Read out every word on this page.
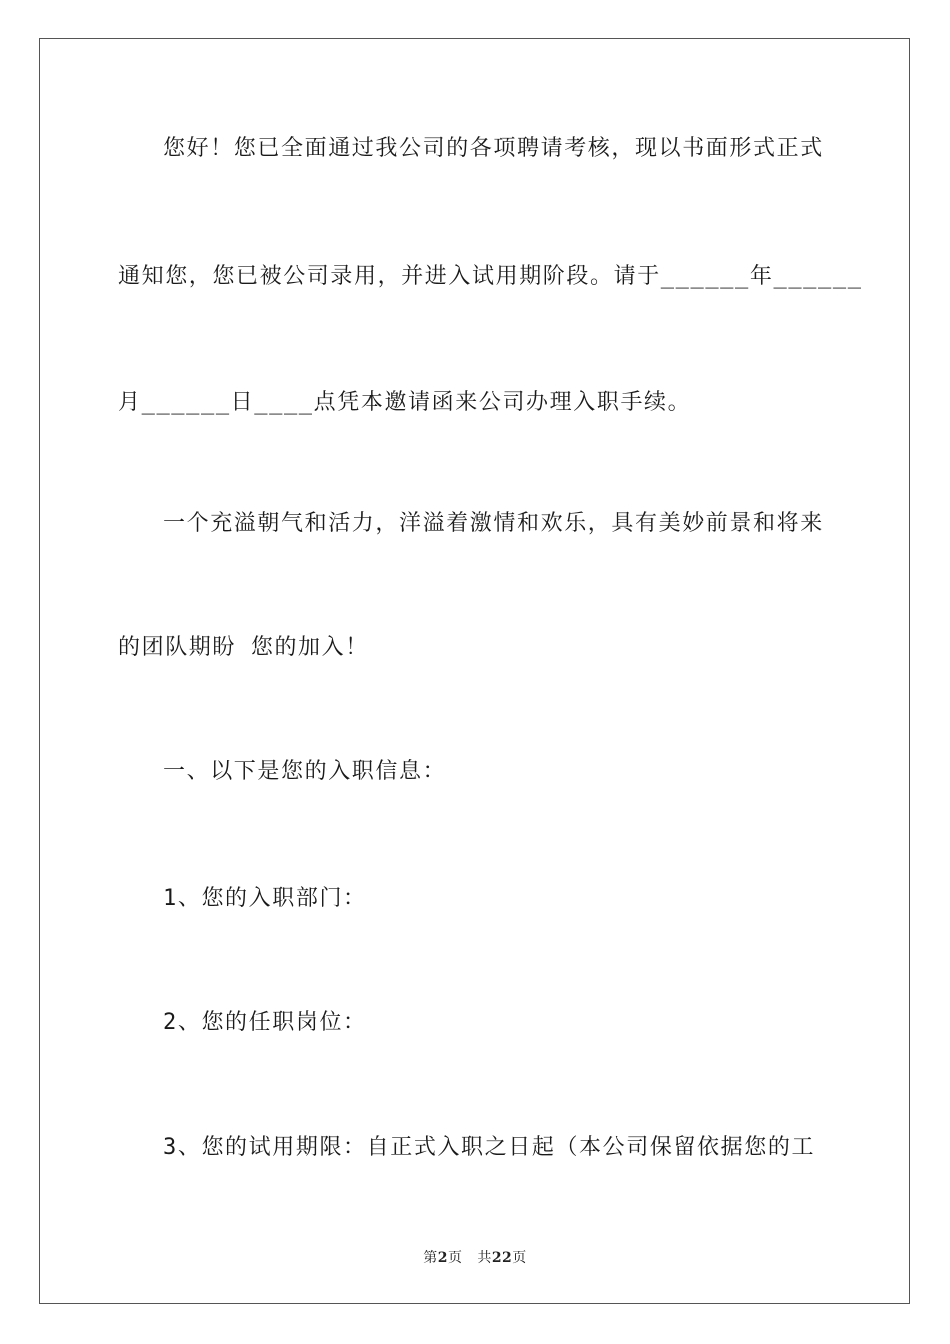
您好！您已全面通过我公司的各项聘请考核，现以书面形式正式
通知您，您已被公司录用，并进入试用期阶段。请于______年______
月______日____点凭本邀请函来公司办理入职手续。
一个充溢朝气和活力，洋溢着激情和欢乐，具有美妙前景和将来
的团队期盼 您的加入！
一、以下是您的入职信息：
1、您的入职部门：
2、您的任职岗位：
3、您的试用期限：自正式入职之日起（本公司保留依据您的工
第2页 共22页
